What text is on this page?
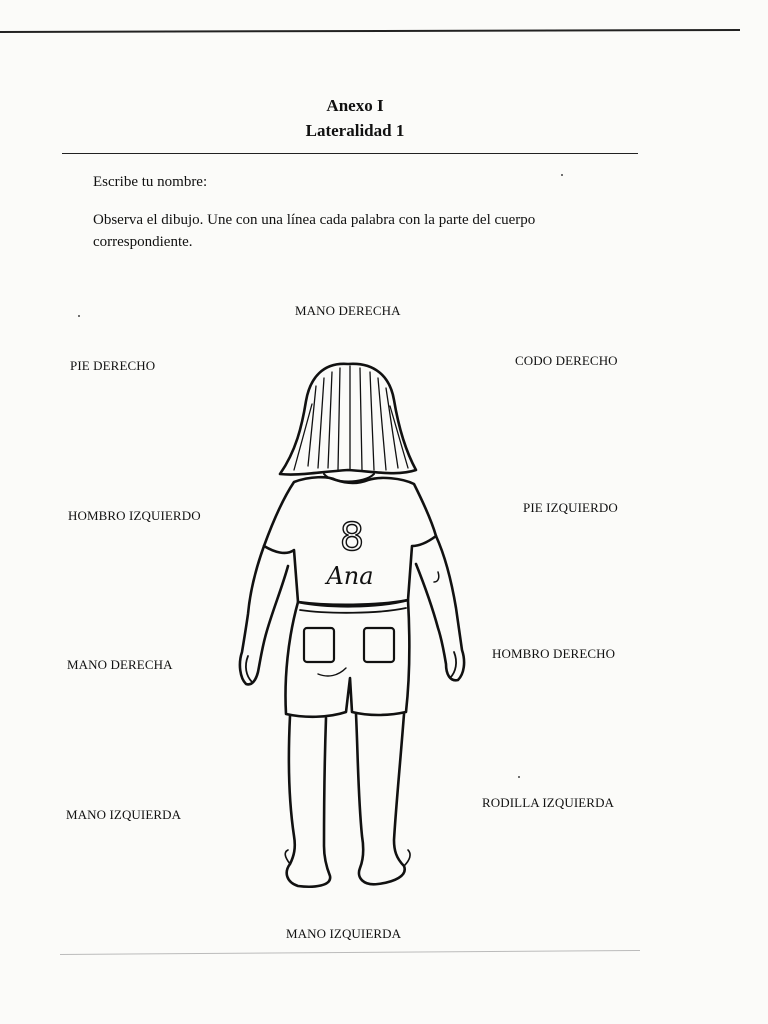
Anexo I
Lateralidad 1
Escribe tu nombre:
Observa el dibujo. Une con una línea cada palabra con la parte del cuerpo correspondiente.
MANO DERECHA
PIE DERECHO
HOMBRO IZQUIERDO
MANO DERECHA
MANO IZQUIERDA
CODO DERECHO
PIE IZQUIERDO
HOMBRO DERECHO
RODILLA IZQUIERDA
MANO IZQUIERDA
8
Ana
